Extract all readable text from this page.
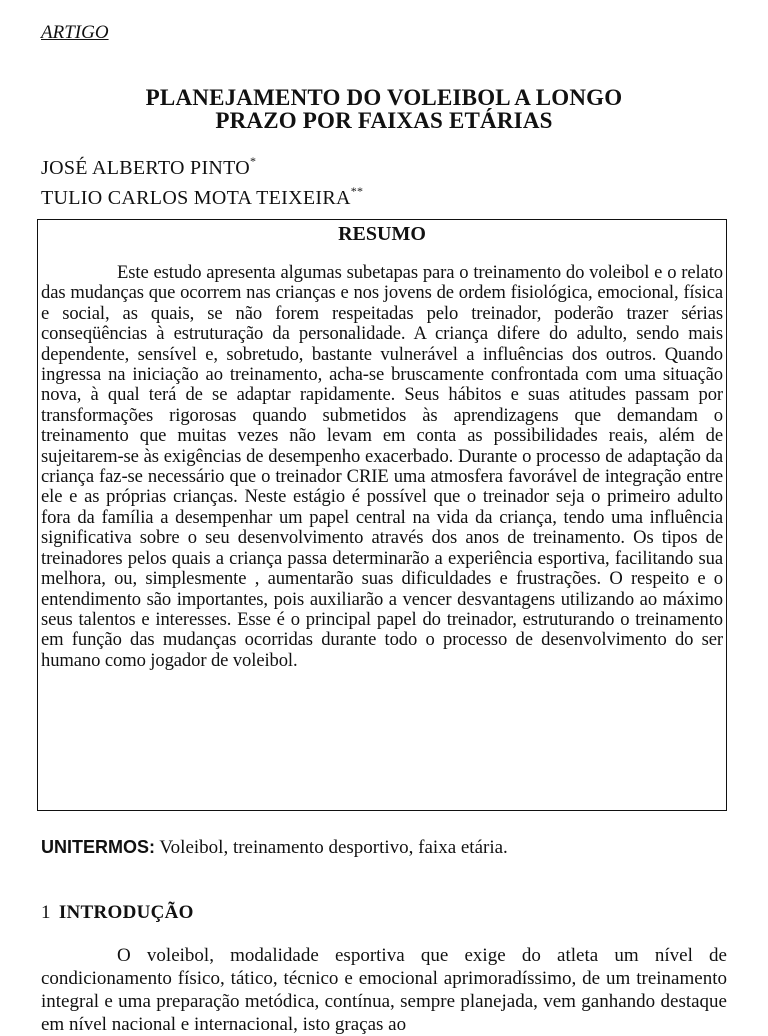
ARTIGO
PLANEJAMENTO DO VOLEIBOL A LONGO
PRAZO POR FAIXAS ETÁRIAS
JOSÉ ALBERTO PINTO*
TULIO CARLOS MOTA TEIXEIRA**
RESUMO

Este estudo apresenta algumas subetapas para o treinamento do voleibol e o relato das mudanças que ocorrem nas crianças e nos jovens de ordem fisiológica, emocional, física e social, as quais, se não forem respeitadas pelo treinador, poderão trazer sérias conseqüências à estruturação da personalidade. A criança difere do adulto, sendo mais dependente, sensível e, sobretudo, bastante vulnerável a influências dos outros. Quando ingressa na iniciação ao treinamento, acha-se bruscamente confrontada com uma situação nova, à qual terá de se adaptar rapidamente. Seus hábitos e suas atitudes passam por transformações rigorosas quando submetidos às aprendizagens que demandam o treinamento que muitas vezes não levam em conta as possibilidades reais, além de sujeitarem-se às exigências de desempenho exacerbado. Durante o processo de adaptação da criança faz-se necessário que o treinador CRIE uma atmosfera favorável de integração entre ele e as próprias crianças. Neste estágio é possível que o treinador seja o primeiro adulto fora da família a desempenhar um papel central na vida da criança, tendo uma influência significativa sobre o seu desenvolvimento através dos anos de treinamento. Os tipos de treinadores pelos quais a criança passa determinarão a experiência esportiva, facilitando sua melhora, ou, simplesmente , aumentarão suas dificuldades e frustrações. O respeito e o entendimento são importantes, pois auxiliarão a vencer desvantagens utilizando ao máximo seus talentos e interesses. Esse é o principal papel do treinador, estruturando o treinamento em função das mudanças ocorridas durante todo o processo de desenvolvimento do ser humano como jogador de voleibol.

UNITERMOS: Voleibol, treinamento desportivo, faixa etária.
1 INTRODUÇÃO

O voleibol, modalidade esportiva que exige do atleta um nível de condicionamento físico, tático, técnico e emocional aprimoradíssimo, de um treinamento integral e uma preparação metódica, contínua, sempre planejada, vem ganhando destaque em nível nacional e internacional, isto graças ao
